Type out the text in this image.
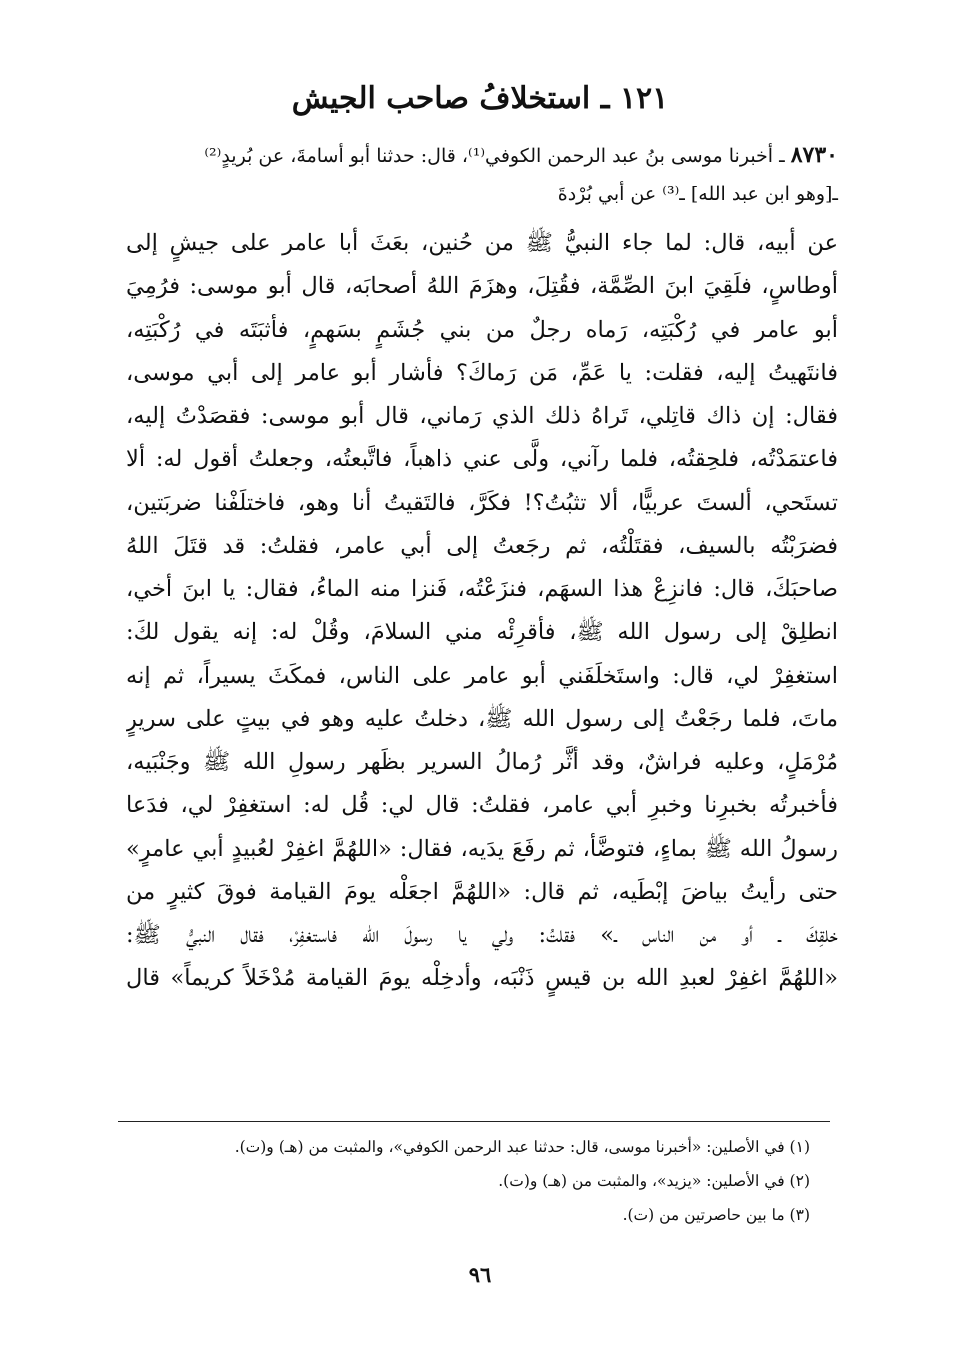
١٢١ ـ استخلافُ صاحب الجيش
٨٧٣٠ ـ أخبرنا موسى بنُ عبد الرحمن الكوفي⁽¹⁾، قال: حدثنا أبو أسامةَ، عن بُريدٍ⁽²⁾
ـ[وهو ابن عبد الله] ـ⁽³⁾ عن أبي بُرْدةَ
عن أبيه، قال: لما جاء النبيُّ ﷺ من حُنين، بعَثَ أبا عامر على جيشٍ إلى
أوطاسٍ، فلَقِيَ ابنَ الصِّمَّة، فقُتِلَ، وهزَمَ اللهُ أصحابَه، قال أبو موسى: فرُمِيَ
أبو عامر في رُكْبَتِه، رَماه رجلٌ من بني جُشَمٍ بسَهمٍ، فأثبَتَه في رُكْبَتِه،
فانتَهيتُ إليه، فقلت: يا عَمِّ، مَن رَماكَ؟ فأشار أبو عامر إلى أبي موسى،
فقال: إن ذاك قاتِلي، تَراهُ ذلك الذي رَماني، قال أبو موسى: فقصَدْتُ إليه،
فاعتمَدْتُه، فلحِقتُه، فلما رآني، ولَّى عني ذاهباً، فاتَّبعتُه، وجعلتُ أقول له: ألا
تستَحي، ألستَ عربيًّا، ألا تثبُتُ؟! فكَرَّ، فالتَقيتُ أنا وهو، فاختلَفْنا ضربَتين،
فضرَبْتُه بالسيف، فقتَلْتُه، ثم رجَعتُ إلى أبي عامر، فقلتُ: قد قتَلَ اللهُ
صاحبَكَ، قال: فانزِعْ هذا السهَم، فنزَعْتُه، فَنزا منه الماءُ، فقال: يا ابنَ أخي،
انطلِقْ إلى رسول الله ﷺ، فأقرِئْه مني السلامَ، وقُلْ له: إنه يقول لكَ:
استغفِرْ لي، قال: واستَخلَفَني أبو عامر على الناس، فمكَثَ يسيراً، ثم إنه
ماتَ، فلما رجَعْتُ إلى رسول الله ﷺ، دخلتُ عليه وهو في بيتٍ على سريرٍ
مُرْمَلٍ، وعليه فراشٌ، وقد أثَّر رُمالُ السرير بظَهر رسولِ الله ﷺ وجَنْبَيه،
فأخبرتُه بخبرِنا وخبرِ أبي عامر، فقلتُ: قال لي: قُل له: استغفِرْ لي، فدَعا
رسولُ الله ﷺ بماءٍ، فتوضَّأ، ثم رفَعَ يدَيه، فقال: «اللهُمَّ اغفِرْ لعُبيدٍ أبي عامرٍ»
حتى رأيتُ بياضَ إبْطَيه، ثم قال: «اللهُمَّ اجعَلْه يومَ القيامة فوقَ كثيرٍ من
خلقِكَ ـ أو من الناس ـ» فقلتُ: ولي يا رسولَ الله فاستغفِرْ، فقال النبيُّ ﷺ:
«اللهُمَّ اغفِرْ لعبدِ الله بن قيسٍ ذَنْبَه، وأدخِلْه يومَ القيامة مُدْخَلاً كريماً» قال
(١) في الأصلين: «أخبرنا موسى، قال: حدثنا عبد الرحمن الكوفي»، والمثبت من (هـ) و(ت).
(٢) في الأصلين: «يزيد»، والمثبت من (هـ) و(ت).
(٣) ما بين حاصرتين من (ت).
٩٦
